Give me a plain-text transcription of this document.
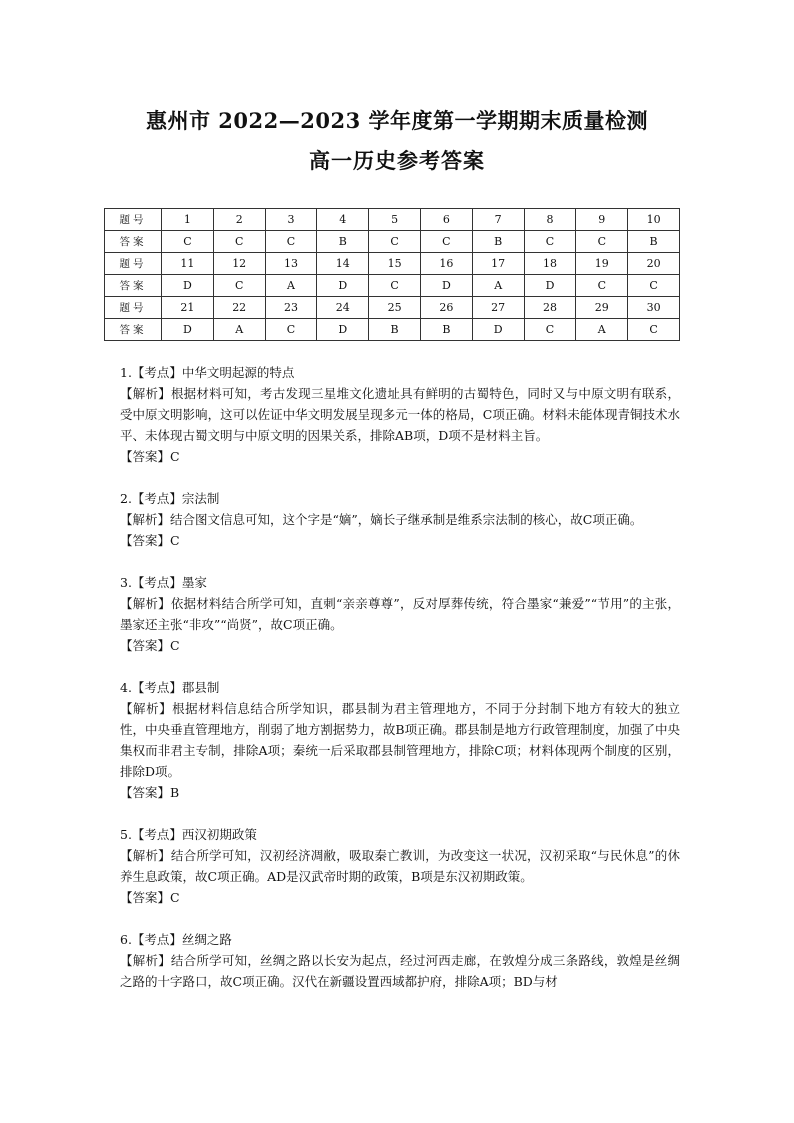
惠州市 2022—2023 学年度第一学期期末质量检测
高一历史参考答案
题号	1	2	3	4	5	6	7	8	9	10
答案	C	C	C	B	C	C	B	C	C	B
题号	11	12	13	14	15	16	17	18	19	20
答案	D	C	A	D	C	D	A	D	C	C
题号	21	22	23	24	25	26	27	28	29	30
答案	D	A	C	D	B	B	D	C	A	C

1.【考点】中华文明起源的特点

【解析】根据材料可知，考古发现三星堆文化遗址具有鲜明的古蜀特色，同时又与中原文明有联系，受中原文明影响，这可以佐证中华文明发展呈现多元一体的格局，C项正确。材料未能体现青铜技术水平、未体现古蜀文明与中原文明的因果关系，排除AB项，D项不是材料主旨。

【答案】C

2.【考点】宗法制

【解析】结合图文信息可知，这个字是“嫡”，嫡长子继承制是维系宗法制的核心，故C项正确。

【答案】C

3.【考点】墨家

【解析】依据材料结合所学可知，直刺“亲亲尊尊”，反对厚葬传统，符合墨家“兼爱”“节用”的主张，墨家还主张“非攻”“尚贤”，故C项正确。

【答案】C

4.【考点】郡县制

【解析】根据材料信息结合所学知识，郡县制为君主管理地方，不同于分封制下地方有较大的独立性，中央垂直管理地方，削弱了地方割据势力，故B项正确。郡县制是地方行政管理制度，加强了中央集权而非君主专制，排除A项；秦统一后采取郡县制管理地方，排除C项；材料体现两个制度的区别，排除D项。

【答案】B

5.【考点】西汉初期政策

【解析】结合所学可知，汉初经济凋敝，吸取秦亡教训，为改变这一状况，汉初采取“与民休息”的休养生息政策，故C项正确。AD是汉武帝时期的政策，B项是东汉初期政策。

【答案】C

6.【考点】丝绸之路

【解析】结合所学可知，丝绸之路以长安为起点，经过河西走廊，在敦煌分成三条路线，敦煌是丝绸之路的十字路口，故C项正确。汉代在新疆设置西域都护府，排除A项；BD与材
